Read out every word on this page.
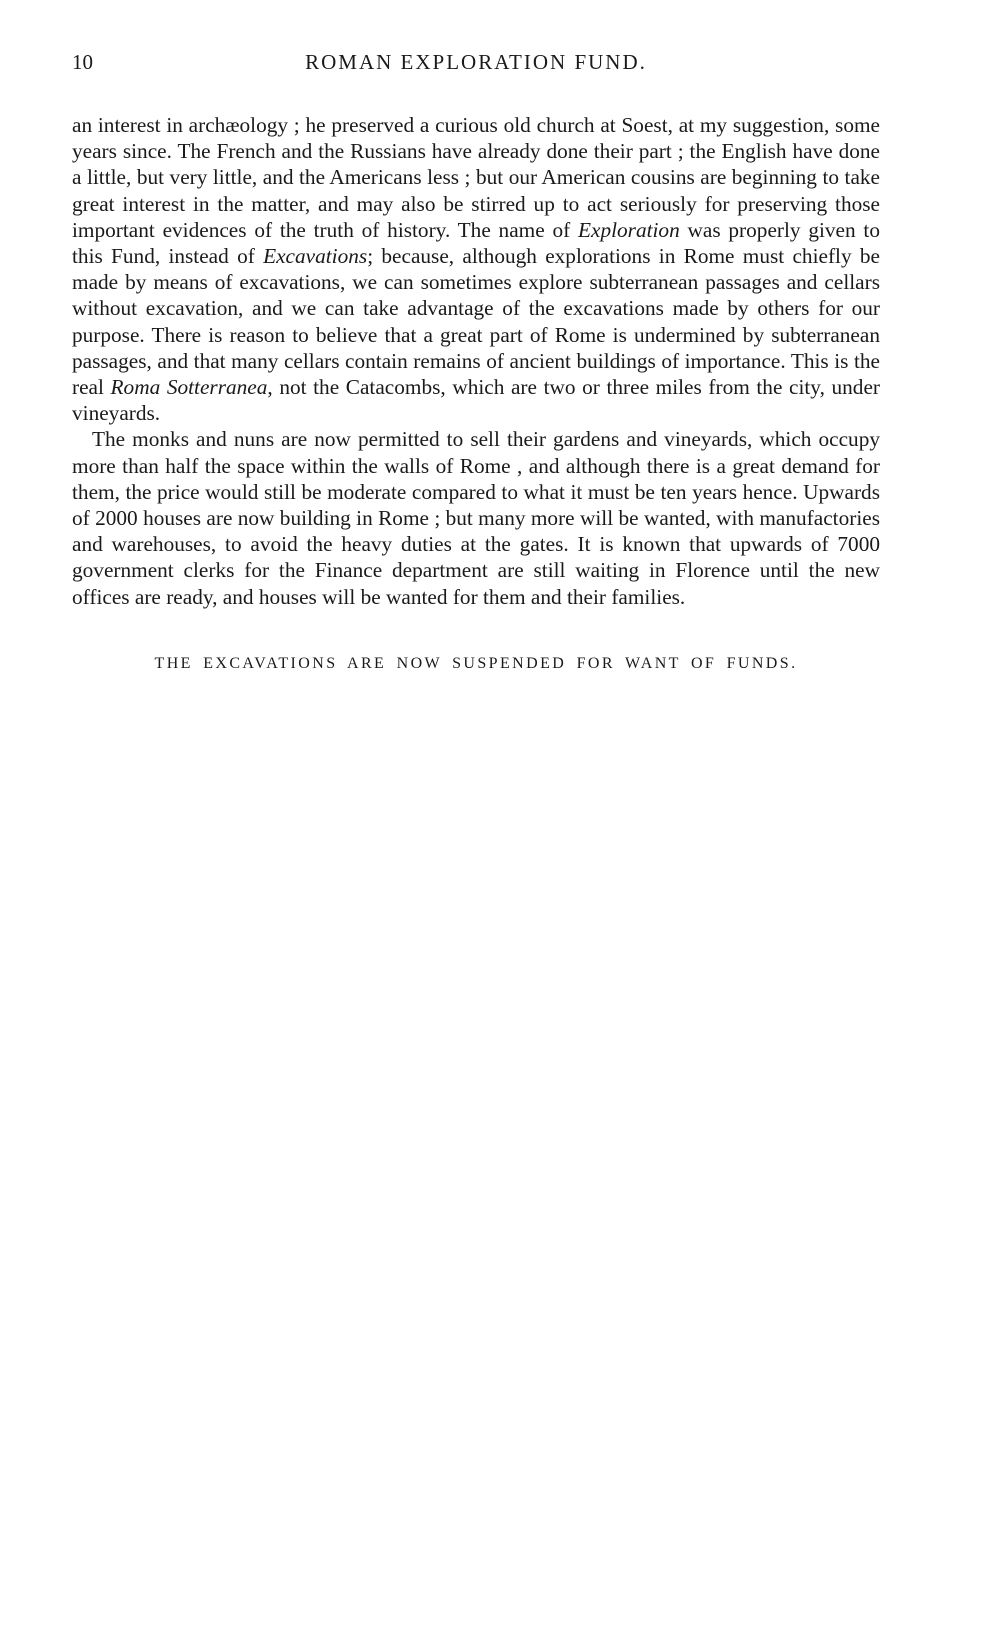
10	ROMAN EXPLORATION FUND.

an interest in archæology ; he preserved a curious old church at Soest, at my suggestion, some years since. The French and the Russians have already done their part ; the English have done a little, but very little, and the Americans less ; but our American cousins are beginning to take great interest in the matter, and may also be stirred up to act seriously for preserving those important evidences of the truth of history. The name of Exploration was properly given to this Fund, instead of Excavations; because, although explorations in Rome must chiefly be made by means of excavations, we can sometimes explore subterranean passages and cellars without excavation, and we can take advantage of the excavations made by others for our purpose. There is reason to believe that a great part of Rome is undermined by subterranean passages, and that many cellars contain remains of ancient buildings of importance. This is the real Roma Sotterranea, not the Catacombs, which are two or three miles from the city, under vineyards.

The monks and nuns are now permitted to sell their gardens and vineyards, which occupy more than half the space within the walls of Rome , and although there is a great demand for them, the price would still be moderate compared to what it must be ten years hence. Upwards of 2000 houses are now building in Rome ; but many more will be wanted, with manufactories and warehouses, to avoid the heavy duties at the gates. It is known that upwards of 7000 government clerks for the Finance department are still waiting in Florence until the new offices are ready, and houses will be wanted for them and their families.

THE EXCAVATIONS ARE NOW SUSPENDED FOR WANT OF FUNDS.
